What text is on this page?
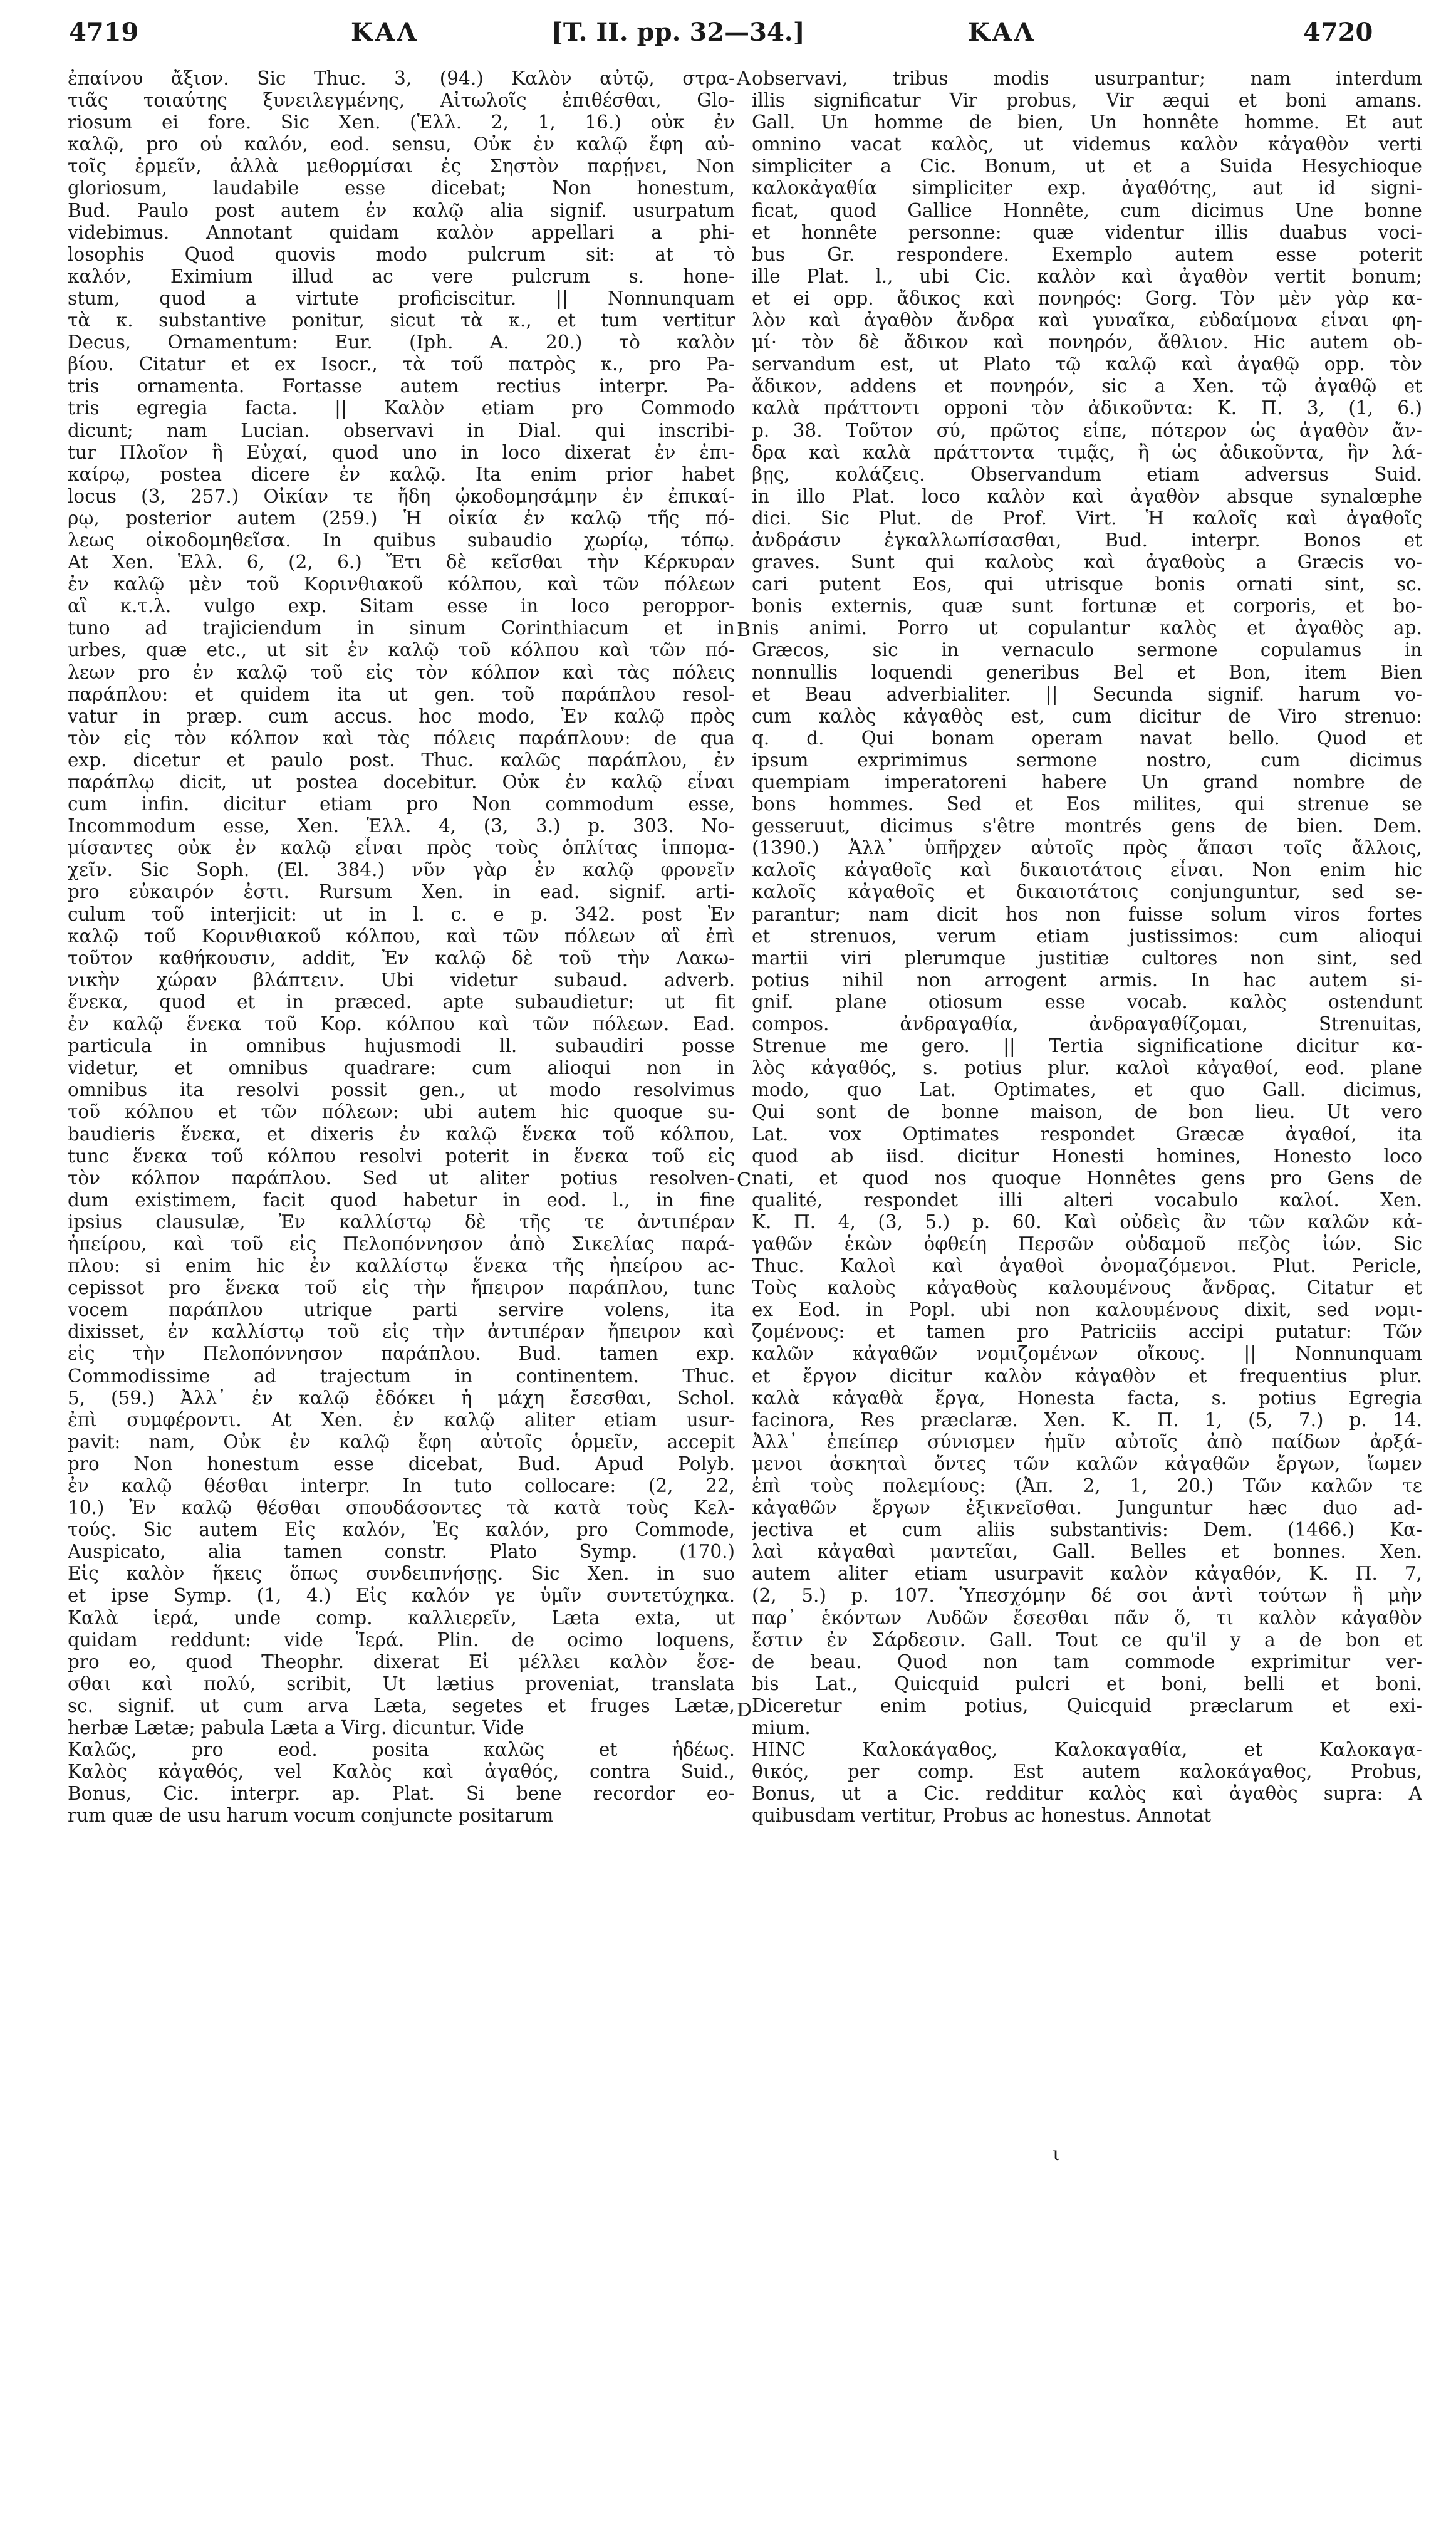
4719	ΚΑΛ	[T. II. pp. 32—34.]	ΚΑΛ	4720
ἐπαίνου ἄξιον. Sic Thuc. 3, (94.) Καλὸν αὐτῷ, στρα-
τιᾶς τοιαύτης ξυνειλεγμένης, Αἰτωλοῖς ἐπιθέσθαι, Glo-
riosum ei fore. Sic Xen. (Ἑλλ. 2, 1, 16.) οὐκ ἐν
καλῷ, pro οὐ καλόν, eod. sensu, Οὐκ ἐν καλῷ ἔφη αὐ-
τοῖς ἐρμεῖν, ἀλλὰ μεθορμίσαι ἐς Σηστὸν παρῄνει, Non
gloriosum, laudabile esse dicebat; Non honestum,
Bud. Paulo post autem ἐν καλῷ alia signif. usurpatum
videbimus. Annotant quidam καλὸν appellari a phi-
losophis Quod quovis modo pulcrum sit: at τὸ
καλόν, Eximium illud ac vere pulcrum s. hone-
stum, quod a virtute proficiscitur. || Nonnunquam
τὰ κ. substantive ponitur, sicut τὰ κ., et tum vertitur
Decus, Ornamentum: Eur. (Iph. A. 20.) τὸ καλὸν
βίου. Citatur et ex Isocr., τὰ τοῦ πατρὸς κ., pro Pa-
tris ornamenta. Fortasse autem rectius interpr. Pa-
tris egregia facta. || Καλὸν etiam pro Commodo
dicunt; nam Lucian. observavi in Dial. qui inscribi-
tur Πλοῖον ἢ Εὐχαί, quod uno in loco dixerat ἐν ἐπι-
καίρῳ, postea dicere ἐν καλῷ. Ita enim prior habet
locus (3, 257.) Οἰκίαν τε ἤδη ᾠκοδομησάμην ἐν ἐπικαί-
ρῳ, posterior autem (259.) Ἡ οἰκία ἐν καλῷ τῆς πό-
λεως οἰκοδομηθεῖσα. In quibus subaudio χωρίῳ, τόπῳ.
At Xen. Ἑλλ. 6, (2, 6.) Ἔτι δὲ κεῖσθαι τὴν Κέρκυραν
ἐν καλῷ μὲν τοῦ Κορινθιακοῦ κόλπου, καὶ τῶν πόλεων
αἳ κ.τ.λ. vulgo exp. Sitam esse in loco peroppor-
tuno ad trajiciendum in sinum Corinthiacum et in
urbes, quæ etc., ut sit ἐν καλῷ τοῦ κόλπου καὶ τῶν πό-
λεων pro ἐν καλῷ τοῦ εἰς τὸν κόλπον καὶ τὰς πόλεις
παράπλου: et quidem ita ut gen. τοῦ παράπλου resol-
vatur in præp. cum accus. hoc modo, Ἐν καλῷ πρὸς
τὸν εἰς τὸν κόλπον καὶ τὰς πόλεις παράπλουν: de qua
exp. dicetur et paulo post. Thuc. καλῶς παράπλου, ἐν
παράπλῳ dicit, ut postea docebitur. Οὐκ ἐν καλῷ εἶναι
cum infin. dicitur etiam pro Non commodum esse,
Incommodum esse, Xen. Ἑλλ. 4, (3, 3.) p. 303. Νο-
μίσαντες οὐκ ἐν καλῷ εἶναι πρὸς τοὺς ὁπλίτας ἱππομα-
χεῖν. Sic Soph. (El. 384.) νῦν γὰρ ἐν καλῷ φρονεῖν
pro εὐκαιρόν ἐστι. Rursum Xen. in ead. signif. arti-
culum τοῦ interjicit: ut in l. c. e p. 342. post Ἐν
καλῷ τοῦ Κορινθιακοῦ κόλπου, καὶ τῶν πόλεων αἳ ἐπὶ
τοῦτον καθήκουσιν, addit, Ἐν καλῷ δὲ τοῦ τὴν Λακω-
νικὴν χώραν βλάπτειν. Ubi videtur subaud. adverb.
ἕνεκα, quod et in præced. apte subaudietur: ut fit
ἐν καλῷ ἕνεκα τοῦ Κορ. κόλπου καὶ τῶν πόλεων. Ead.
particula in omnibus hujusmodi ll. subaudiri posse
videtur, et omnibus quadrare: cum alioqui non in
omnibus ita resolvi possit gen., ut modo resolvimus
τοῦ κόλπου et τῶν πόλεων: ubi autem hic quoque su-
baudieris ἕνεκα, et dixeris ἐν καλῷ ἕνεκα τοῦ κόλπου,
tunc ἕνεκα τοῦ κόλπου resolvi poterit in ἕνεκα τοῦ εἰς
τὸν κόλπον παράπλου. Sed ut aliter potius resolven-
dum existimem, facit quod habetur in eod. l., in fine
ipsius clausulæ, Ἐν καλλίστῳ δὲ τῆς τε ἀντιπέραν
ἠπείρου, καὶ τοῦ εἰς Πελοπόννησον ἀπὸ Σικελίας παρά-
πλου: si enim hic ἐν καλλίστῳ ἕνεκα τῆς ἠπείρου ac-
cepissot pro ἕνεκα τοῦ εἰς τὴν ἤπειρον παράπλου, tunc
vocem παράπλου utrique parti servire volens, ita
dixisset, ἐν καλλίστῳ τοῦ εἰς τὴν ἀντιπέραν ἤπειρον καὶ
εἰς τὴν Πελοπόννησον παράπλου. Bud. tamen exp.
Commodissime ad trajectum in continentem. Thuc.
5, (59.) Ἀλλ᾽ ἐν καλῷ ἐδόκει ἡ μάχη ἔσεσθαι, Schol.
ἐπὶ συμφέροντι. At Xen. ἐν καλῷ aliter etiam usur-
pavit: nam, Οὐκ ἐν καλῷ ἔφη αὐτοῖς ὁρμεῖν, accepit
pro Non honestum esse dicebat, Bud. Apud Polyb.
ἐν καλῷ θέσθαι interpr. In tuto collocare: (2, 22,
10.) Ἐν καλῷ θέσθαι σπουδάσοντες τὰ κατὰ τοὺς Κελ-
τούς. Sic autem Εἰς καλόν, Ἐς καλόν, pro Commode,
Auspicato, alia tamen constr. Plato Symp. (170.)
Εἰς καλὸν ἥκεις ὅπως συνδειπνήσῃς. Sic Xen. in suo
et ipse Symp. (1, 4.) Εἰς καλόν γε ὑμῖν συντετύχηκα.
Καλὰ ἱερά, unde comp. καλλιερεῖν, Læta exta, ut
quidam reddunt: vide Ἱερά. Plin. de ocimo loquens,
pro eo, quod Theophr. dixerat Εἰ μέλλει καλὸν ἔσε-
σθαι καὶ πολύ, scribit, Ut lætius proveniat, translata
sc. signif. ut cum arva Læta, segetes et fruges Lætæ,
herbæ Lætæ; pabula Læta a Virg. dicuntur. Vide
Καλῶς, pro eod. posita καλῶς et ἡδέως.
Καλὸς κἀγαθός, vel Καλὸς καὶ ἀγαθός, contra Suid.,
Bonus, Cic. interpr. ap. Plat. Si bene recordor eo-
rum quæ de usu harum vocum conjuncte positarum
observavi, tribus modis usurpantur; nam interdum
illis significatur Vir probus, Vir æqui et boni amans.
Gall. Un homme de bien, Un honnête homme. Et aut
omnino vacat καλὸς, ut videmus καλὸν κἀγαθὸν verti
simpliciter a Cic. Bonum, ut et a Suida Hesychioque
καλοκἀγαθία simpliciter exp. ἀγαθότης, aut id signi-
ficat, quod Gallice Honnête, cum dicimus Une bonne
et honnête personne: quæ videntur illis duabus voci-
bus Gr. respondere. Exemplo autem esse poterit
ille Plat. l., ubi Cic. καλὸν καὶ ἀγαθὸν vertit bonum;
et ei opp. ἄδικος καὶ πονηρός: Gorg. Τὸν μὲν γὰρ κα-
λὸν καὶ ἀγαθὸν ἄνδρα καὶ γυναῖκα, εὐδαίμονα εἶναι φη-
μί· τὸν δὲ ἄδικον καὶ πονηρόν, ἄθλιον. Hic autem ob-
servandum est, ut Plato τῷ καλῷ καὶ ἀγαθῷ opp. τὸν
ἄδικον, addens et πονηρόν, sic a Xen. τῷ ἀγαθῷ et
καλὰ πράττοντι opponi τὸν ἀδικοῦντα: Κ. Π. 3, (1, 6.)
p. 38. Τοῦτον σύ, πρῶτος εἶπε, πότερον ὡς ἀγαθὸν ἄν-
δρα καὶ καλὰ πράττοντα τιμᾷς, ἢ ὡς ἀδικοῦντα, ἣν λά-
βῃς, κολάζεις. Observandum etiam adversus Suid.
in illo Plat. loco καλὸν καὶ ἀγαθὸν absque synalœphe
dici. Sic Plut. de Prof. Virt. Ἡ καλοῖς καὶ ἀγαθοῖς
ἀνδράσιν ἐγκαλλωπίσασθαι, Bud. interpr. Bonos et
graves. Sunt qui καλοὺς καὶ ἀγαθοὺς a Græcis vo-
cari putent Eos, qui utrisque bonis ornati sint, sc.
bonis externis, quæ sunt fortunæ et corporis, et bo-
nis animi. Porro ut copulantur καλὸς et ἀγαθὸς ap.
Græcos, sic in vernaculo sermone copulamus in
nonnullis loquendi generibus Bel et Bon, item Bien
et Beau adverbialiter. || Secunda signif. harum vo-
cum καλὸς κἀγαθὸς est, cum dicitur de Viro strenuo:
q. d. Qui bonam operam navat bello. Quod et
ipsum exprimimus sermone nostro, cum dicimus
quempiam imperatoreni habere Un grand nombre de
bons hommes. Sed et Eos milites, qui strenue se
gesseruut, dicimus s'être montrés gens de bien. Dem.
(1390.) Ἀλλ᾽ ὑπῆρχεν αὐτοῖς πρὸς ἅπασι τοῖς ἄλλοις,
καλοῖς κἀγαθοῖς καὶ δικαιοτάτοις εἶναι. Non enim hic
καλοῖς κἀγαθοῖς et δικαιοτάτοις conjunguntur, sed se-
parantur; nam dicit hos non fuisse solum viros fortes
et strenuos, verum etiam justissimos: cum alioqui
martii viri plerumque justitiæ cultores non sint, sed
potius nihil non arrogent armis. In hac autem si-
gnif. plane otiosum esse vocab. καλὸς ostendunt
compos. ἀνδραγαθία, ἀνδραγαθίζομαι, Strenuitas,
Strenue me gero. || Tertia significatione dicitur κα-
λὸς κἀγαθός, s. potius plur. καλοὶ κἀγαθοί, eod. plane
modo, quo Lat. Optimates, et quo Gall. dicimus,
Qui sont de bonne maison, de bon lieu. Ut vero
Lat. vox Optimates respondet Græcæ ἀγαθοί, ita
quod ab iisd. dicitur Honesti homines, Honesto loco
nati, et quod nos quoque Honnêtes gens pro Gens de
qualité, respondet illi alteri vocabulo καλοί. Xen.
Κ. Π. 4, (3, 5.) p. 60. Καὶ οὐδεὶς ἂν τῶν καλῶν κἀ-
γαθῶν ἑκὼν ὀφθείη Περσῶν οὐδαμοῦ πεζὸς ἰών. Sic
Thuc. Καλοὶ καὶ ἀγαθοὶ ὀνομαζόμενοι. Plut. Pericle,
Τοὺς καλοὺς κἀγαθοὺς καλουμένους ἄνδρας. Citatur et
ex Eod. in Popl. ubi non καλουμένους dixit, sed νομι-
ζομένους: et tamen pro Patriciis accipi putatur: Τῶν
καλῶν κἀγαθῶν νομιζομένων οἴκους. || Nonnunquam
et ἔργον dicitur καλὸν κἀγαθὸν et frequentius plur.
καλὰ κἀγαθὰ ἔργα, Honesta facta, s. potius Egregia
facinora, Res præclaræ. Xen. Κ. Π. 1, (5, 7.) p. 14.
Ἀλλ᾽ ἐπείπερ σύνισμεν ἡμῖν αὐτοῖς ἀπὸ παίδων ἀρξά-
μενοι ἀσκηταὶ ὄντες τῶν καλῶν κἀγαθῶν ἔργων, ἴωμεν
ἐπὶ τοὺς πολεμίους: (Ἀπ. 2, 1, 20.) Τῶν καλῶν τε
κἀγαθῶν ἔργων ἐξικνεῖσθαι. Junguntur hæc duo ad-
jectiva et cum aliis substantivis: Dem. (1466.) Κα-
λαὶ κἀγαθαὶ μαντεῖαι, Gall. Belles et bonnes. Xen.
autem aliter etiam usurpavit καλὸν κἀγαθόν, Κ. Π. 7,
(2, 5.) p. 107. Ὑπεσχόμην δέ σοι ἀντὶ τούτων ἢ μὴν
παρ᾽ ἑκόντων Λυδῶν ἔσεσθαι πᾶν ὅ, τι καλὸν κἀγαθὸν
ἔστιν ἐν Σάρδεσιν. Gall. Tout ce qu'il y a de bon et
de beau. Quod non tam commode exprimitur ver-
bis Lat., Quicquid pulcri et boni, belli et boni.
Diceretur enim potius, Quicquid præclarum et exi-
mium.
HINC Καλοκάγαθος, Καλοκαγαθία, et Καλοκαγα-
θικός, per comp. Est autem καλοκάγαθος, Probus,
Bonus, ut a Cic. redditur καλὸς καὶ ἀγαθὸς supra: A
quibusdam vertitur, Probus ac honestus. Annotat
A
B
C
D
ι
